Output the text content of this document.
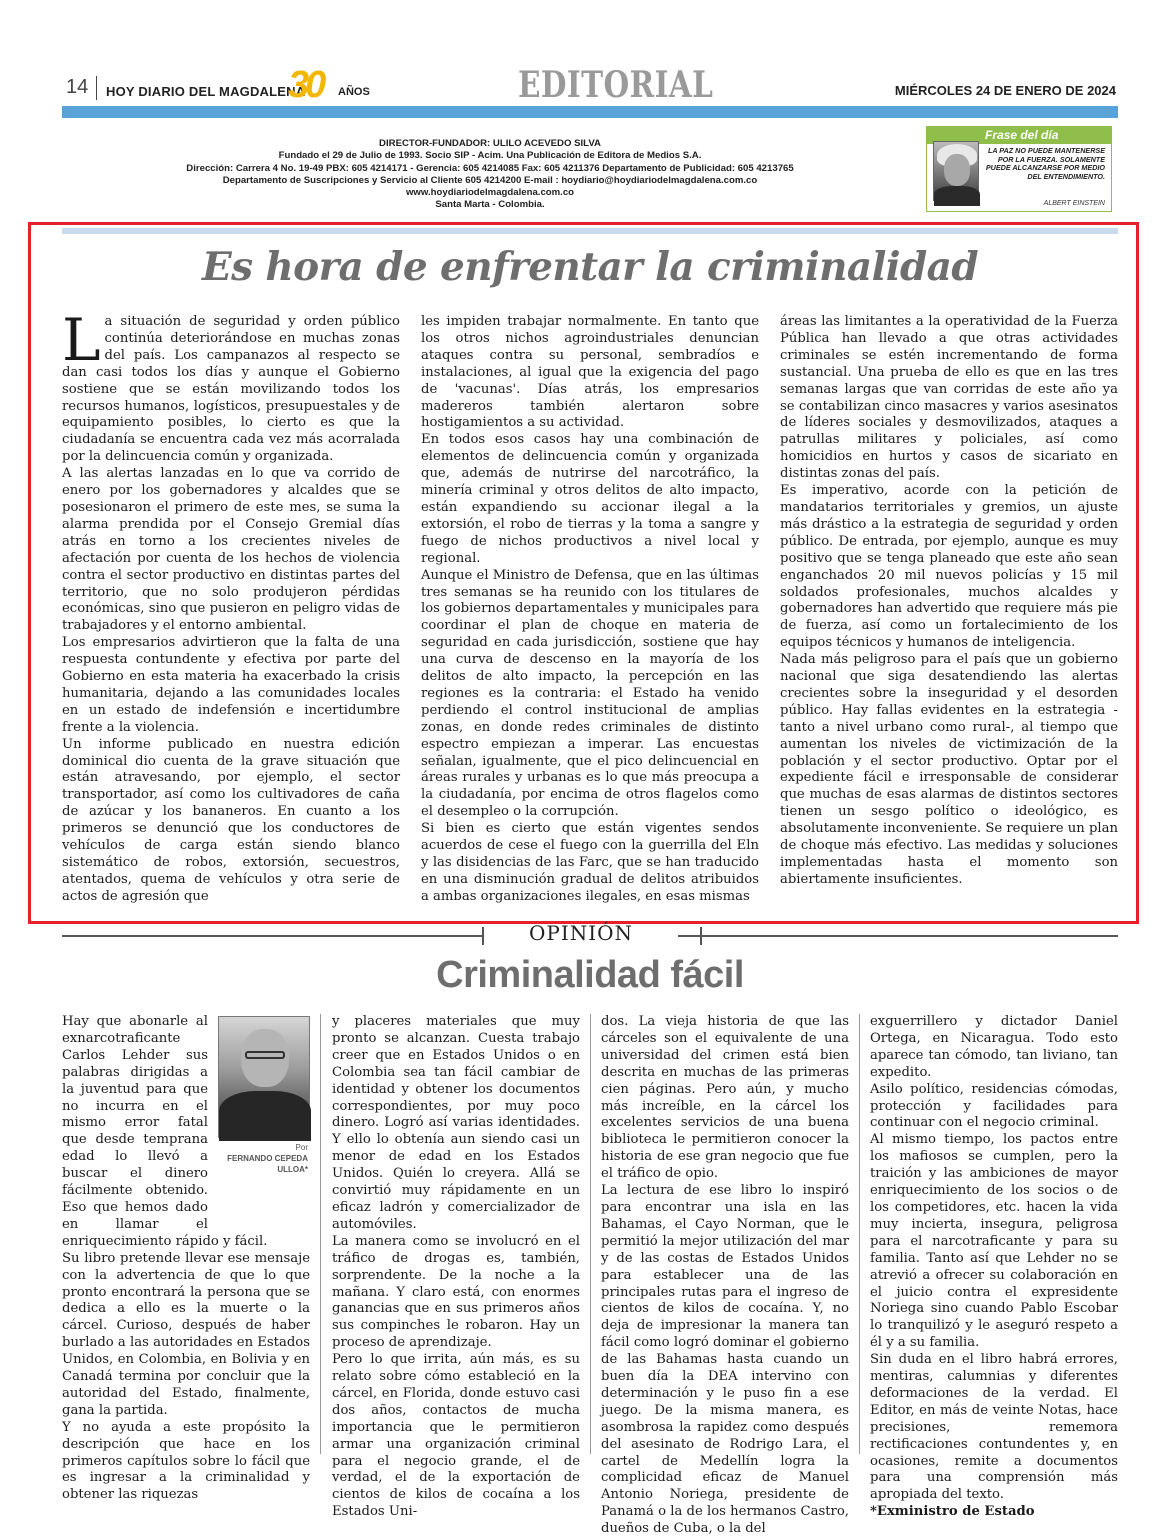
14 HOY DIARIO DEL MAGDALENA
30 AÑOS	EDITORIAL	MIÉRCOLES 24 DE ENERO DE 2024
DIRECTOR-FUNDADOR: ULILO ACEVEDO SILVA
Fundado el 29 de Julio de 1993. Socio SIP - Acim. Una Publicación de Editora de Medios S.A.
Dirección: Carrera 4 No. 19-49 PBX: 605 4214171 - Gerencia: 605 4214085 Fax: 605 4211376 Departamento de Publicidad: 605 4213765
Departamento de Suscripciones y Servicio al Cliente 605 4214200 E-mail : hoydiario@hoydiariodelmagdalena.com.co
www.hoydiariodelmagdalena.com.co
Santa Marta - Colombia.
Frase del día
LA PAZ NO PUEDE MANTENERSE POR LA FUERZA. SOLAMENTE PUEDE ALCANZARSE POR MEDIO DEL ENTENDIMIENTO.
ALBERT EINSTEIN
Es hora de enfrentar la criminalidad

La situación de seguridad y orden público continúa deteriorándose en muchas zonas del país. Los campanazos al respecto se dan casi todos los días y aunque el Gobierno sostiene que se están movilizando todos los recursos humanos, logísticos, presupuestales y de equipamiento posibles, lo cierto es que la ciudadanía se encuentra cada vez más acorralada por la delincuencia común y organizada.

A las alertas lanzadas en lo que va corrido de enero por los gobernadores y alcaldes que se posesionaron el primero de este mes, se suma la alarma prendida por el Consejo Gremial días atrás en torno a los crecientes niveles de afectación por cuenta de los hechos de violencia contra el sector productivo en distintas partes del territorio, que no solo produjeron pérdidas económicas, sino que pusieron en peligro vidas de trabajadores y el entorno ambiental.

Los empresarios advirtieron que la falta de una respuesta contundente y efectiva por parte del Gobierno en esta materia ha exacerbado la crisis humanitaria, dejando a las comunidades locales en un estado de indefensión e incertidumbre frente a la violencia.

Un informe publicado en nuestra edición dominical dio cuenta de la grave situación que están atravesando, por ejemplo, el sector transportador, así como los cultivadores de caña de azúcar y los bananeros. En cuanto a los primeros se denunció que los conductores de vehículos de carga están siendo blanco sistemático de robos, extorsión, secuestros, atentados, quema de vehículos y otra serie de actos de agresión que

les impiden trabajar normalmente. En tanto que los otros nichos agroindustriales denuncian ataques contra su personal, sembradíos e instalaciones, al igual que la exigencia del pago de 'vacunas'. Días atrás, los empresarios madereros también alertaron sobre hostigamientos a su actividad.

En todos esos casos hay una combinación de elementos de delincuencia común y organizada que, además de nutrirse del narcotráfico, la minería criminal y otros delitos de alto impacto, están expandiendo su accionar ilegal a la extorsión, el robo de tierras y la toma a sangre y fuego de nichos productivos a nivel local y regional.

Aunque el Ministro de Defensa, que en las últimas tres semanas se ha reunido con los titulares de los gobiernos departamentales y municipales para coordinar el plan de choque en materia de seguridad en cada jurisdicción, sostiene que hay una curva de descenso en la mayoría de los delitos de alto impacto, la percepción en las regiones es la contraria: el Estado ha venido perdiendo el control institucional de amplias zonas, en donde redes criminales de distinto espectro empiezan a imperar. Las encuestas señalan, igualmente, que el pico delincuencial en áreas rurales y urbanas es lo que más preocupa a la ciudadanía, por encima de otros flagelos como el desempleo o la corrupción.

Si bien es cierto que están vigentes sendos acuerdos de cese el fuego con la guerrilla del Eln y las disidencias de las Farc, que se han traducido en una disminución gradual de delitos atribuidos a ambas organizaciones ilegales, en esas mismas

áreas las limitantes a la operatividad de la Fuerza Pública han llevado a que otras actividades criminales se estén incrementando de forma sustancial. Una prueba de ello es que en las tres semanas largas que van corridas de este año ya se contabilizan cinco masacres y varios asesinatos de líderes sociales y desmovilizados, ataques a patrullas militares y policiales, así como homicidios en hurtos y casos de sicariato en distintas zonas del país.

Es imperativo, acorde con la petición de mandatarios territoriales y gremios, un ajuste más drástico a la estrategia de seguridad y orden público. De entrada, por ejemplo, aunque es muy positivo que se tenga planeado que este año sean enganchados 20 mil nuevos policías y 15 mil soldados profesionales, muchos alcaldes y gobernadores han advertido que requiere más pie de fuerza, así como un fortalecimiento de los equipos técnicos y humanos de inteligencia.

Nada más peligroso para el país que un gobierno nacional que siga desatendiendo las alertas crecientes sobre la inseguridad y el desorden público. Hay fallas evidentes en la estrategia -tanto a nivel urbano como rural-, al tiempo que aumentan los niveles de victimización de la población y el sector productivo. Optar por el expediente fácil e irresponsable de considerar que muchas de esas alarmas de distintos sectores tienen un sesgo político o ideológico, es absolutamente inconveniente. Se requiere un plan de choque más efectivo. Las medidas y soluciones implementadas hasta el momento son abiertamente insuficientes.

OPINIÓN
Criminalidad fácil
Por
FERNANDO CEPEDA ULLOA*

Hay que abonarle al exnarcotraficante Carlos Lehder sus palabras dirigidas a la juventud para que no incurra en el mismo error fatal que desde temprana edad lo llevó a buscar el dinero fácilmente obtenido. Eso que hemos dado en llamar el enriquecimiento rápido y fácil.

Su libro pretende llevar ese mensaje con la advertencia de que lo que pronto encontrará la persona que se dedica a ello es la muerte o la cárcel. Curioso, después de haber burlado a las autoridades en Estados Unidos, en Colombia, en Bolivia y en Canadá termina por concluir que la autoridad del Estado, finalmente, gana la partida.

Y no ayuda a este propósito la descripción que hace en los primeros capítulos sobre lo fácil que es ingresar a la criminalidad y obtener las riquezas

y placeres materiales que muy pronto se alcanzan. Cuesta trabajo creer que en Estados Unidos o en Colombia sea tan fácil cambiar de identidad y obtener los documentos correspondientes, por muy poco dinero. Logró así varias identidades. Y ello lo obtenía aun siendo casi un menor de edad en los Estados Unidos. Quién lo creyera. Allá se convirtió muy rápidamente en un eficaz ladrón y comercializador de automóviles.

La manera como se involucró en el tráfico de drogas es, también, sorprendente. De la noche a la mañana. Y claro está, con enormes ganancias que en sus primeros años sus compinches le robaron. Hay un proceso de aprendizaje.

Pero lo que irrita, aún más, es su relato sobre cómo estableció en la cárcel, en Florida, donde estuvo casi dos años, contactos de mucha importancia que le permitieron armar una organización criminal para el negocio grande, el de verdad, el de la exportación de cientos de kilos de cocaína a los Estados Uni-

dos. La vieja historia de que las cárceles son el equivalente de una universidad del crimen está bien descrita en muchas de las primeras cien páginas. Pero aún, y mucho más increíble, en la cárcel los excelentes servicios de una buena biblioteca le permitieron conocer la historia de ese gran negocio que fue el tráfico de opio.

La lectura de ese libro lo inspiró para encontrar una isla en las Bahamas, el Cayo Norman, que le permitió la mejor utilización del mar y de las costas de Estados Unidos para establecer una de las principales rutas para el ingreso de cientos de kilos de cocaína. Y, no deja de impresionar la manera tan fácil como logró dominar el gobierno de las Bahamas hasta cuando un buen día la DEA intervino con determinación y le puso fin a ese juego. De la misma manera, es asombrosa la rapidez como después del asesinato de Rodrigo Lara, el cartel de Medellín logra la complicidad eficaz de Manuel Antonio Noriega, presidente de Panamá o la de los hermanos Castro, dueños de Cuba, o la del

exguerrillero y dictador Daniel Ortega, en Nicaragua. Todo esto aparece tan cómodo, tan liviano, tan expedito.

Asilo político, residencias cómodas, protección y facilidades para continuar con el negocio criminal.

Al mismo tiempo, los pactos entre los mafiosos se cumplen, pero la traición y las ambiciones de mayor enriquecimiento de los socios o de los competidores, etc. hacen la vida muy incierta, insegura, peligrosa para el narcotraficante y para su familia. Tanto así que Lehder no se atrevió a ofrecer su colaboración en el juicio contra el expresidente Noriega sino cuando Pablo Escobar lo tranquilizó y le aseguró respeto a él y a su familia.

Sin duda en el libro habrá errores, mentiras, calumnias y diferentes deformaciones de la verdad. El Editor, en más de veinte Notas, hace precisiones, rememora rectificaciones contundentes y, en ocasiones, remite a documentos para una comprensión más apropiada del texto.

*Exministro de Estado
